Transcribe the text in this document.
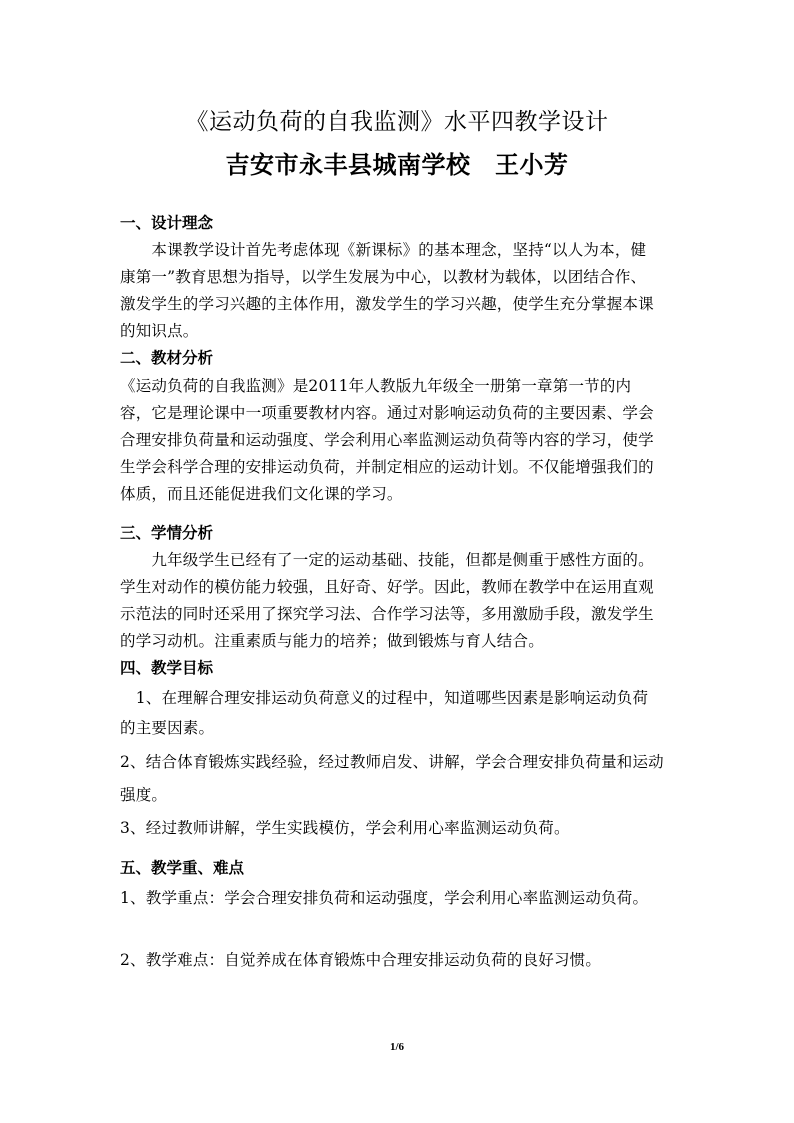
《运动负荷的自我监测》水平四教学设计
吉安市永丰县城南学校　王小芳
一、设计理念
　　本课教学设计首先考虑体现《新课标》的基本理念，坚持“以人为本，健
康第一”教育思想为指导，以学生发展为中心，以教材为载体，以团结合作、
激发学生的学习兴趣的主体作用，激发学生的学习兴趣，使学生充分掌握本课
的知识点。
二、教材分析
《运动负荷的自我监测》是2011年人教版九年级全一册第一章第一节的内
容，它是理论课中一项重要教材内容。通过对影响运动负荷的主要因素、学会
合理安排负荷量和运动强度、学会利用心率监测运动负荷等内容的学习，使学
生学会科学合理的安排运动负荷，并制定相应的运动计划。不仅能增强我们的
体质，而且还能促进我们文化课的学习。
三、学情分析
　　九年级学生已经有了一定的运动基础、技能，但都是侧重于感性方面的。
学生对动作的模仿能力较强，且好奇、好学。因此，教师在教学中在运用直观
示范法的同时还采用了探究学习法、合作学习法等，多用激励手段，激发学生
的学习动机。注重素质与能力的培养；做到锻炼与育人结合。
四、教学目标
　1、在理解合理安排运动负荷意义的过程中，知道哪些因素是影响运动负荷
的主要因素。
2、结合体育锻炼实践经验，经过教师启发、讲解，学会合理安排负荷量和运动
强度。
3、经过教师讲解，学生实践模仿，学会利用心率监测运动负荷。
五、教学重、难点
1、教学重点：学会合理安排负荷和运动强度，学会利用心率监测运动负荷。
2、教学难点：自觉养成在体育锻炼中合理安排运动负荷的良好习惯。
1/6
